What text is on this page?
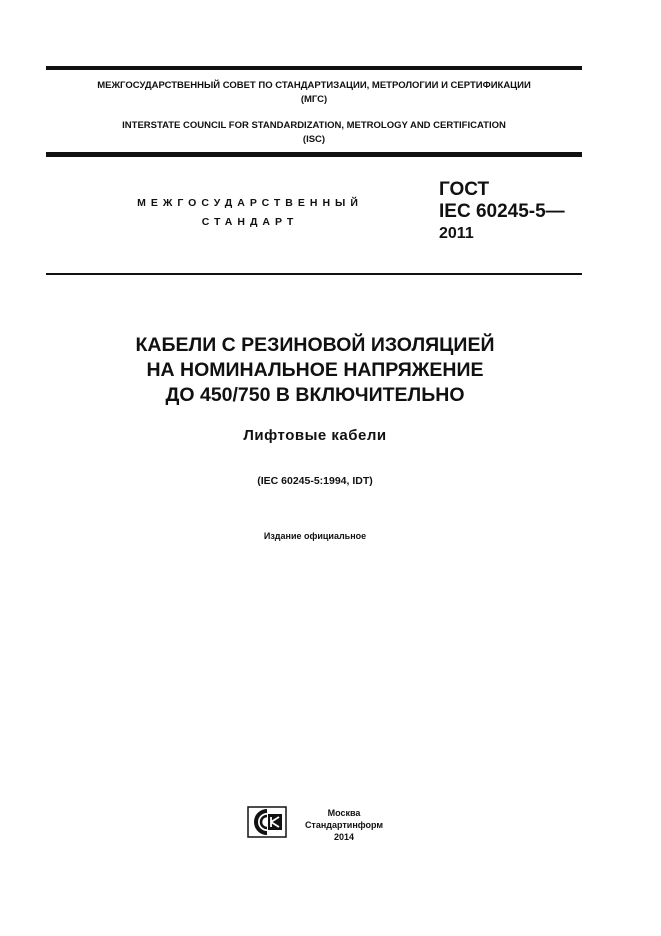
МЕЖГОСУДАРСТВЕННЫЙ СОВЕТ ПО СТАНДАРТИЗАЦИИ, МЕТРОЛОГИИ И СЕРТИФИКАЦИИ
(МГС)
INTERSTATE COUNCIL FOR STANDARDIZATION, METROLOGY AND CERTIFICATION
(ISC)
МЕЖГОСУДАРСТВЕННЫЙ
СТАНДАРТ
ГОСТ
IEC 60245-5—
2011
КАБЕЛИ С РЕЗИНОВОЙ ИЗОЛЯЦИЕЙ
НА НОМИНАЛЬНОЕ НАПРЯЖЕНИЕ
ДО 450/750 В ВКЛЮЧИТЕЛЬНО
Лифтовые кабели
(IEC 60245-5:1994, IDT)
Издание официальное
Москва
Стандартинформ
2014
